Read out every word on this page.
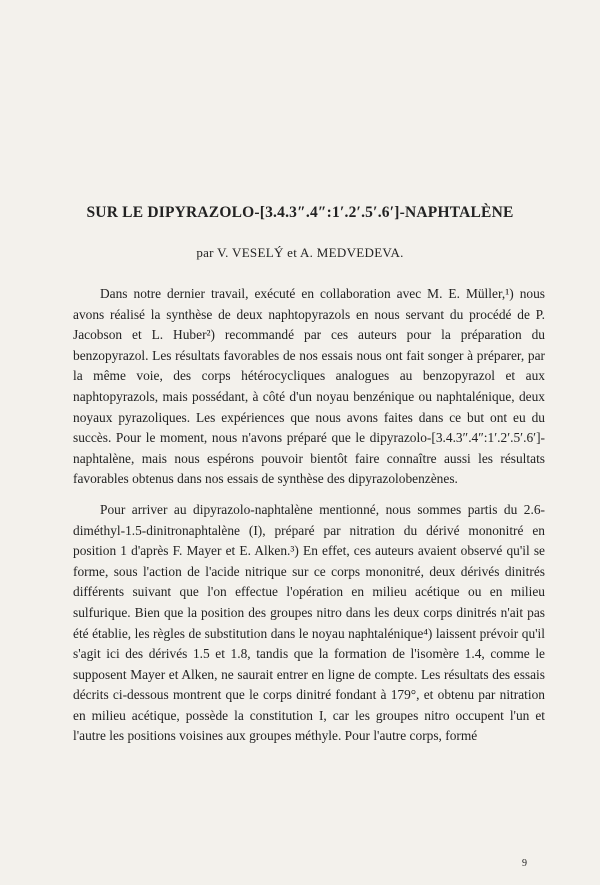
SUR LE DIPYRAZOLO-[3.4.3″.4″:1′.2′.5′.6′]-NAPHTALÈNE
par V. VESELÝ et A. MEDVEDEVA.

Dans notre dernier travail, exécuté en collaboration avec M. E. Müller,¹) nous avons réalisé la synthèse de deux naphtopyrazols en nous servant du procédé de P. Jacobson et L. Huber²) recommandé par ces auteurs pour la préparation du benzopyrazol. Les résultats favorables de nos essais nous ont fait songer à préparer, par la même voie, des corps hétérocycliques analogues au benzopyrazol et aux naphtopyrazols, mais possédant, à côté d'un noyau benzénique ou naphtalénique, deux noyaux pyrazoliques. Les expériences que nous avons faites dans ce but ont eu du succès. Pour le moment, nous n'avons préparé que le dipyrazolo-[3.4.3″.4″:1′.2′.5′.6′]-naphtalène, mais nous espérons pouvoir bientôt faire connaître aussi les résultats favorables obtenus dans nos essais de synthèse des dipyrazolobenzènes.

Pour arriver au dipyrazolo-naphtalène mentionné, nous sommes partis du 2.6-diméthyl-1.5-dinitronaphtalène (I), préparé par nitration du dérivé mononitré en position 1 d'après F. Mayer et E. Alken.³) En effet, ces auteurs avaient observé qu'il se forme, sous l'action de l'acide nitrique sur ce corps mononitré, deux dérivés dinitrés différents suivant que l'on effectue l'opération en milieu acétique ou en milieu sulfurique. Bien que la position des groupes nitro dans les deux corps dinitrés n'ait pas été établie, les règles de substitution dans le noyau naphtalénique⁴) laissent prévoir qu'il s'agit ici des dérivés 1.5 et 1.8, tandis que la formation de l'isomère 1.4, comme le supposent Mayer et Alken, ne saurait entrer en ligne de compte. Les résultats des essais décrits ci-dessous montrent que le corps dinitré fondant à 179°, et obtenu par nitration en milieu acétique, possède la constitution I, car les groupes nitro occupent l'un et l'autre les positions voisines aux groupes méthyle. Pour l'autre corps, formé

9
